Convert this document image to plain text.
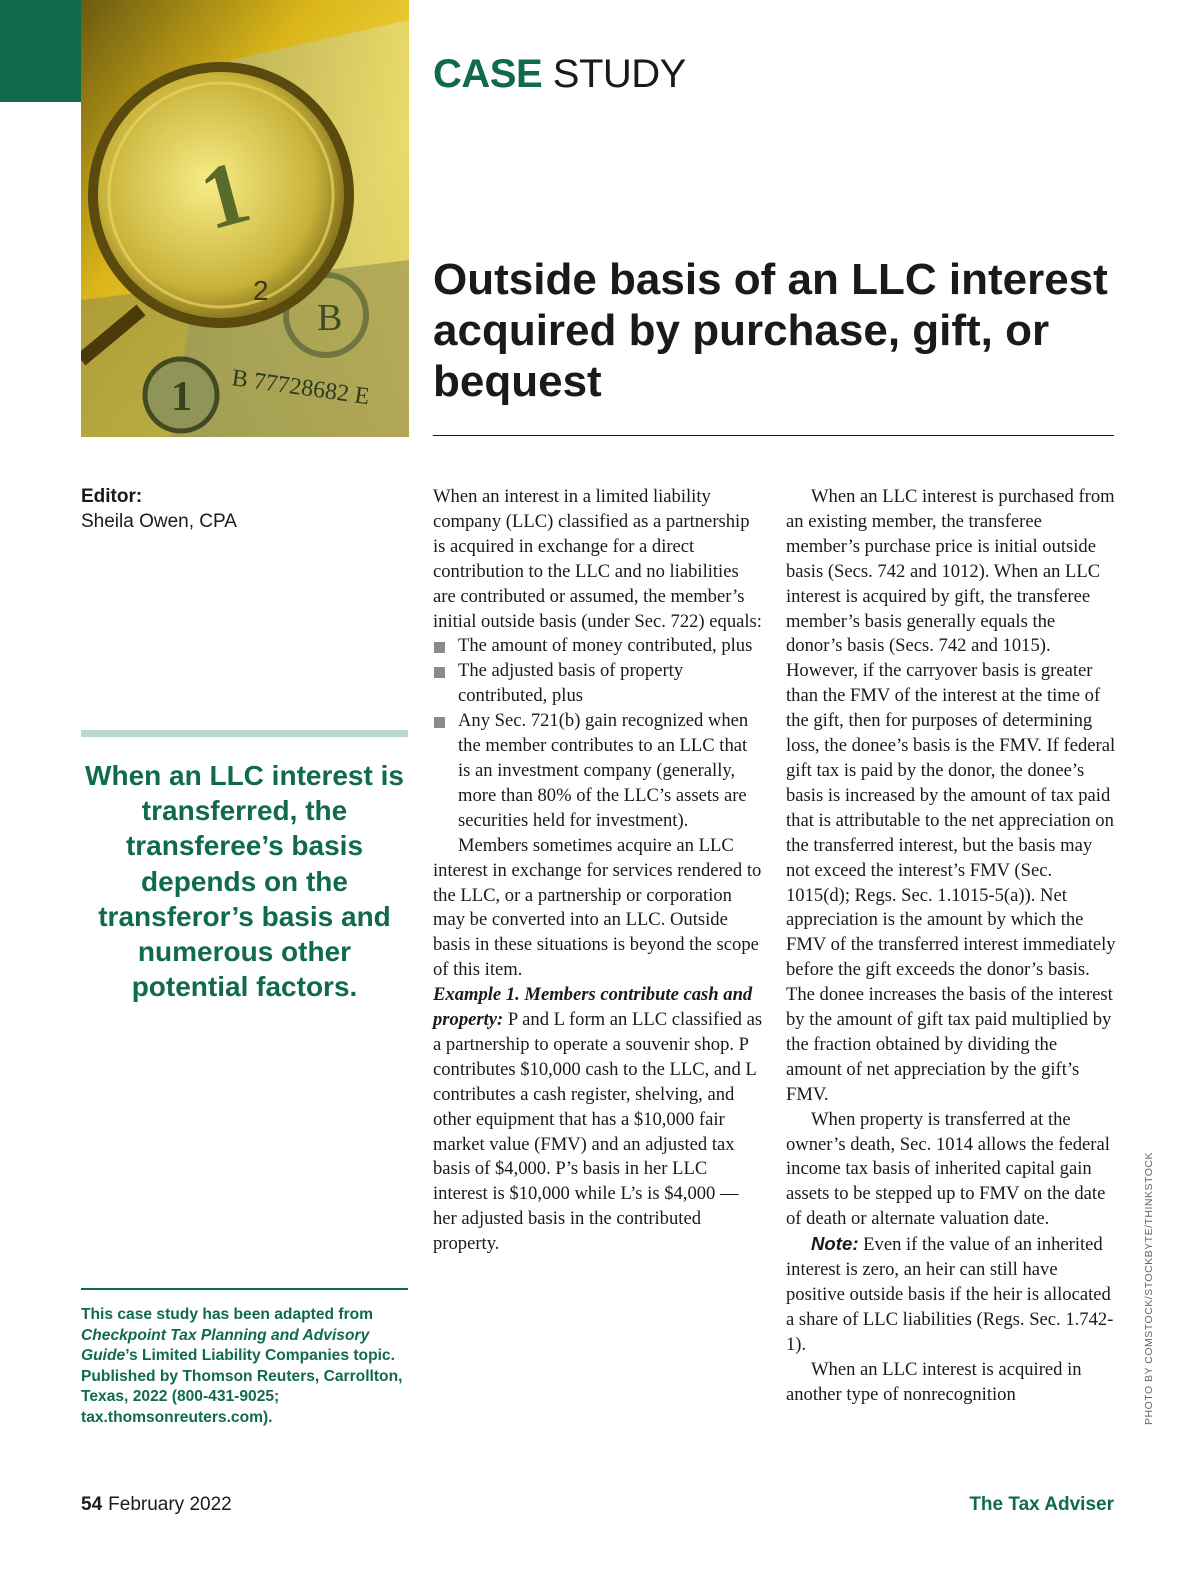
B
B 77728682 E
1
1
2
CASE STUDY
Outside basis of an LLC interest acquired by purchase, gift, or bequest
Editor:
Sheila Owen, CPA
When an LLC interest is transferred, the transferee’s basis depends on the transferor’s basis and numerous other potential factors.
This case study has been adapted from Checkpoint Tax Planning and Advisory Guide’s Limited Liability Companies topic. Published by Thomson Reuters, Carrollton, Texas, 2022 (800-431-9025; tax.thomsonreuters.com).

When an interest in a limited liability company (LLC) classified as a partnership is acquired in exchange for a direct contribution to the LLC and no liabilities are contributed or assumed, the member’s initial outside basis (under Sec. 722) equals:

The amount of money contributed, plus
The adjusted basis of property contributed, plus
Any Sec. 721(b) gain recognized when the member contributes to an LLC that is an investment company (generally, more than 80% of the LLC’s assets are securities held for investment).

Members sometimes acquire an LLC interest in exchange for services rendered to the LLC, or a partnership or corporation may be converted into an LLC. Outside basis in these situations is beyond the scope of this item.

Example 1. Members contribute cash and property: P and L form an LLC classified as a partnership to operate a souvenir shop. P contributes $10,000 cash to the LLC, and L contributes a cash register, shelving, and other equipment that has a $10,000 fair market value (FMV) and an adjusted tax basis of $4,000. P’s basis in her LLC interest is $10,000 while L’s is $4,000 — her adjusted basis in the contributed property.

When an LLC interest is purchased from an existing member, the transferee member’s purchase price is initial outside basis (Secs. 742 and 1012). When an LLC interest is acquired by gift, the transferee member’s basis generally equals the donor’s basis (Secs. 742 and 1015). However, if the carryover basis is greater than the FMV of the interest at the time of the gift, then for purposes of determining loss, the donee’s basis is the FMV. If federal gift tax is paid by the donor, the donee’s basis is increased by the amount of tax paid that is attributable to the net appreciation on the transferred interest, but the basis may not exceed the interest’s FMV (Sec. 1015(d); Regs. Sec. 1.1015-5(a)). Net appreciation is the amount by which the FMV of the transferred interest immediately before the gift exceeds the donor’s basis. The donee increases the basis of the interest by the amount of gift tax paid multiplied by the fraction obtained by dividing the amount of net appreciation by the gift’s FMV.

When property is transferred at the owner’s death, Sec. 1014 allows the federal income tax basis of inherited capital gain assets to be stepped up to FMV on the date of death or alternate valuation date.

Note: Even if the value of an inherited interest is zero, an heir can still have positive outside basis if the heir is allocated a share of LLC liabilities (Regs. Sec. 1.742-1).

When an LLC interest is acquired in another type of nonrecognition	PHOTO BY COMSTOCK/STOCKBYTE/THINKSTOCK
54 February 2022	The Tax Adviser
